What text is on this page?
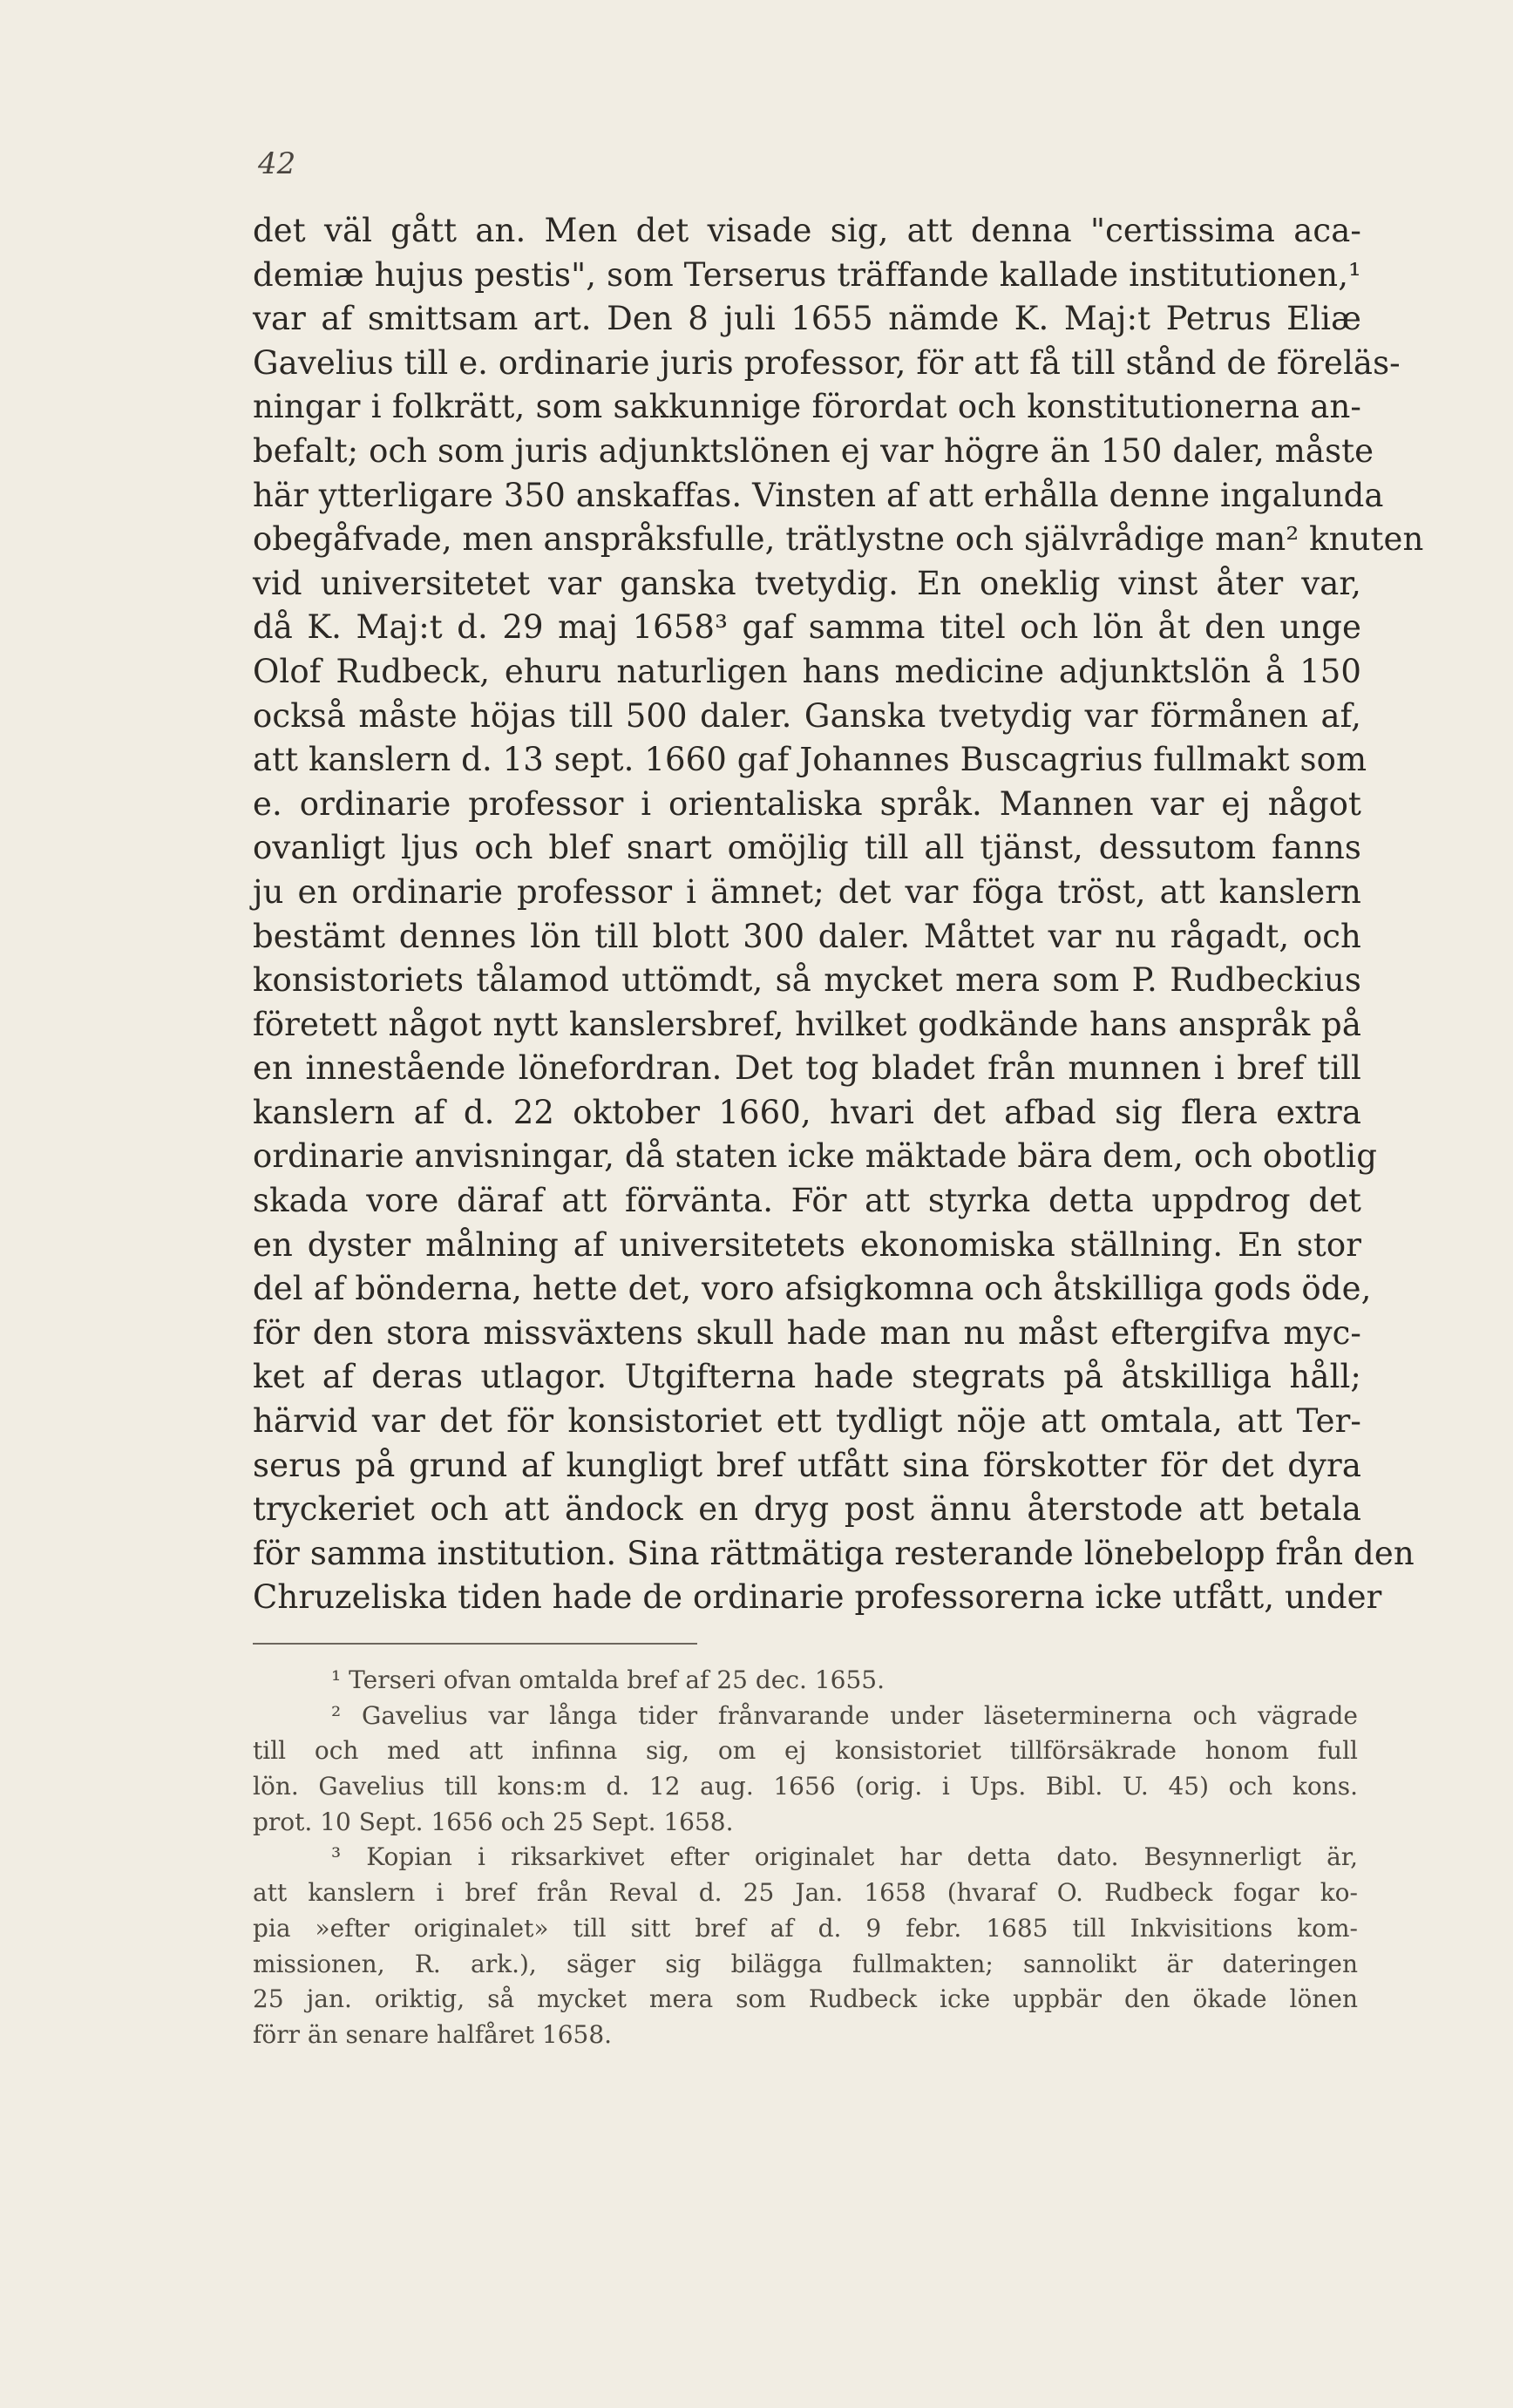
42
det väl gått an. Men det visade sig, att denna "certissima aca-
demiæ hujus pestis", som Terserus träffande kallade institutionen,¹
var af smittsam art. Den 8 juli 1655 nämde K. Maj:t Petrus Eliæ
Gavelius till e. ordinarie juris professor, för att få till stånd de föreläs-
ningar i folkrätt, som sakkunnige förordat och konstitutionerna an-
befalt; och som juris adjunktslönen ej var högre än 150 daler, måste
här ytterligare 350 anskaffas. Vinsten af att erhålla denne ingalunda
obegåfvade, men anspråksfulle, trätlystne och självrådige man² knuten
vid universitetet var ganska tvetydig. En oneklig vinst åter var,
då K. Maj:t d. 29 maj 1658³ gaf samma titel och lön åt den unge
Olof Rudbeck, ehuru naturligen hans medicine adjunktslön å 150
också måste höjas till 500 daler. Ganska tvetydig var förmånen af,
att kanslern d. 13 sept. 1660 gaf Johannes Buscagrius fullmakt som
e. ordinarie professor i orientaliska språk. Mannen var ej något
ovanligt ljus och blef snart omöjlig till all tjänst, dessutom fanns
ju en ordinarie professor i ämnet; det var föga tröst, att kanslern
bestämt dennes lön till blott 300 daler. Måttet var nu rågadt, och
konsistoriets tålamod uttömdt, så mycket mera som P. Rudbeckius
företett något nytt kanslersbref, hvilket godkände hans anspråk på
en innestående lönefordran. Det tog bladet från munnen i bref till
kanslern af d. 22 oktober 1660, hvari det afbad sig flera extra
ordinarie anvisningar, då staten icke mäktade bära dem, och obotlig
skada vore däraf att förvänta. För att styrka detta uppdrog det
en dyster målning af universitetets ekonomiska ställning. En stor
del af bönderna, hette det, voro afsigkomna och åtskilliga gods öde,
för den stora missväxtens skull hade man nu måst eftergifva myc-
ket af deras utlagor. Utgifterna hade stegrats på åtskilliga håll;
härvid var det för konsistoriet ett tydligt nöje att omtala, att Ter-
serus på grund af kungligt bref utfått sina förskotter för det dyra
tryckeriet och att ändock en dryg post ännu återstode att betala
för samma institution. Sina rättmätiga resterande lönebelopp från den
Chruzeliska tiden hade de ordinarie professorerna icke utfått, under
¹ Terseri ofvan omtalda bref af 25 dec. 1655.
² Gavelius var långa tider frånvarande under läseterminerna och vägrade
till och med att infinna sig, om ej konsistoriet tillförsäkrade honom full
lön. Gavelius till kons:m d. 12 aug. 1656 (orig. i Ups. Bibl. U. 45) och kons.
prot. 10 Sept. 1656 och 25 Sept. 1658.
³ Kopian i riksarkivet efter originalet har detta dato. Besynnerligt är,
att kanslern i bref från Reval d. 25 Jan. 1658 (hvaraf O. Rudbeck fogar ko-
pia »efter originalet» till sitt bref af d. 9 febr. 1685 till Inkvisitions kom-
missionen, R. ark.), säger sig bilägga fullmakten; sannolikt är dateringen
25 jan. oriktig, så mycket mera som Rudbeck icke uppbär den ökade lönen
förr än senare halfåret 1658.
